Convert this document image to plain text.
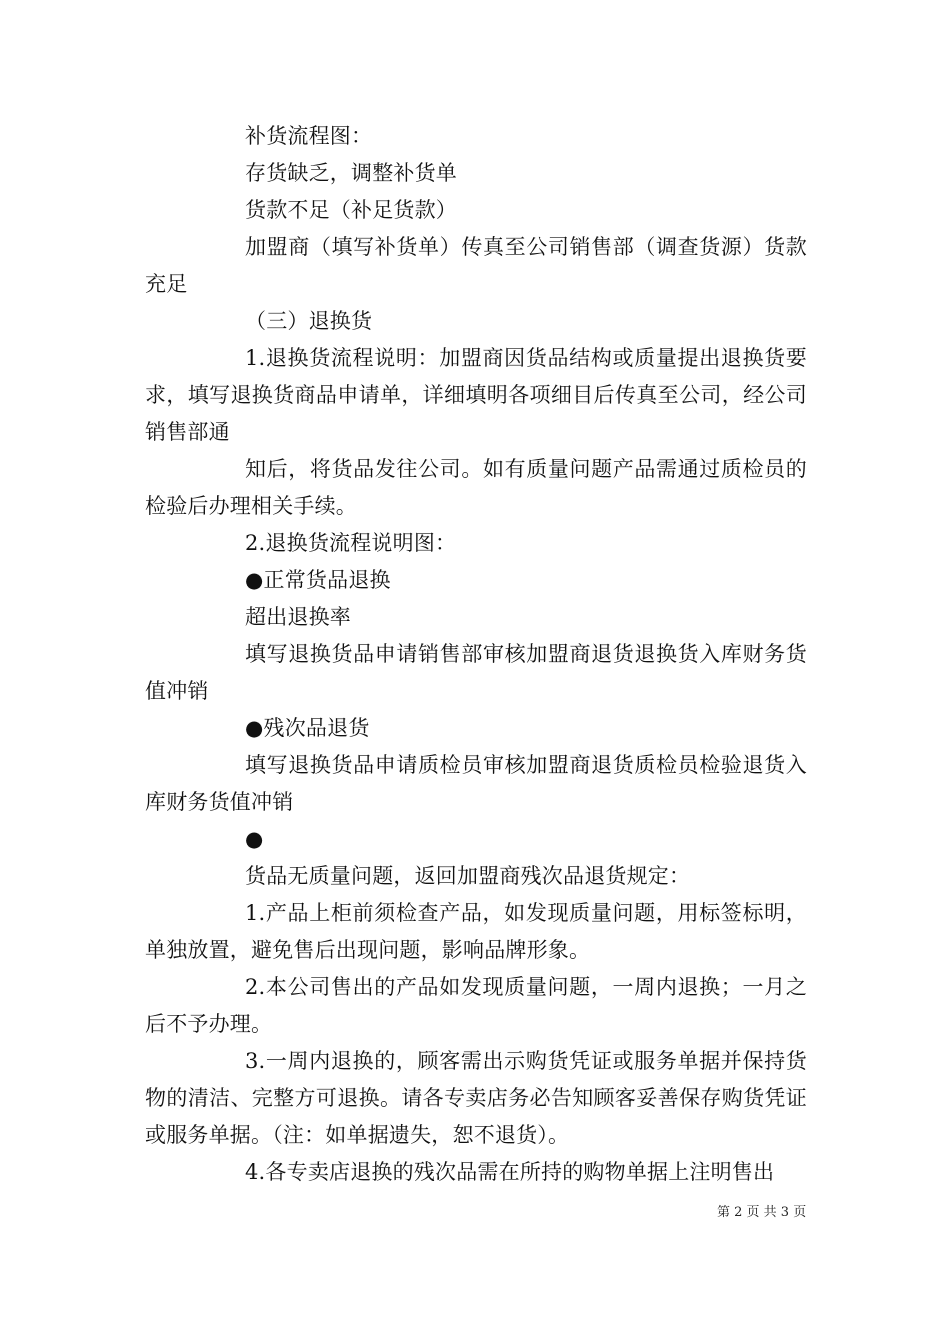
补货流程图：

存货缺乏，调整补货单

货款不足（补足货款）

加盟商（填写补货单）传真至公司销售部（调查货源）货款充足

（三）退换货

1.退换货流程说明：加盟商因货品结构或质量提出退换货要求，填写退换货商品申请单，详细填明各项细目后传真至公司，经公司销售部通

知后，将货品发往公司。如有质量问题产品需通过质检员的检验后办理相关手续。

2.退换货流程说明图：

●正常货品退换

超出退换率

填写退换货品申请销售部审核加盟商退货退换货入库财务货值冲销

●残次品退货

填写退换货品申请质检员审核加盟商退货质检员检验退货入库财务货值冲销

●

货品无质量问题，返回加盟商残次品退货规定：

1.产品上柜前须检查产品，如发现质量问题，用标签标明，单独放置，避免售后出现问题，影响品牌形象。

2.本公司售出的产品如发现质量问题，一周内退换；一月之后不予办理。

3.一周内退换的，顾客需出示购货凭证或服务单据并保持货物的清洁、完整方可退换。请各专卖店务必告知顾客妥善保存购货凭证或服务单据。（注：如单据遗失，恕不退货）。

4.各专卖店退换的残次品需在所持的购物单据上注明售出

第 2 页 共 3 页
